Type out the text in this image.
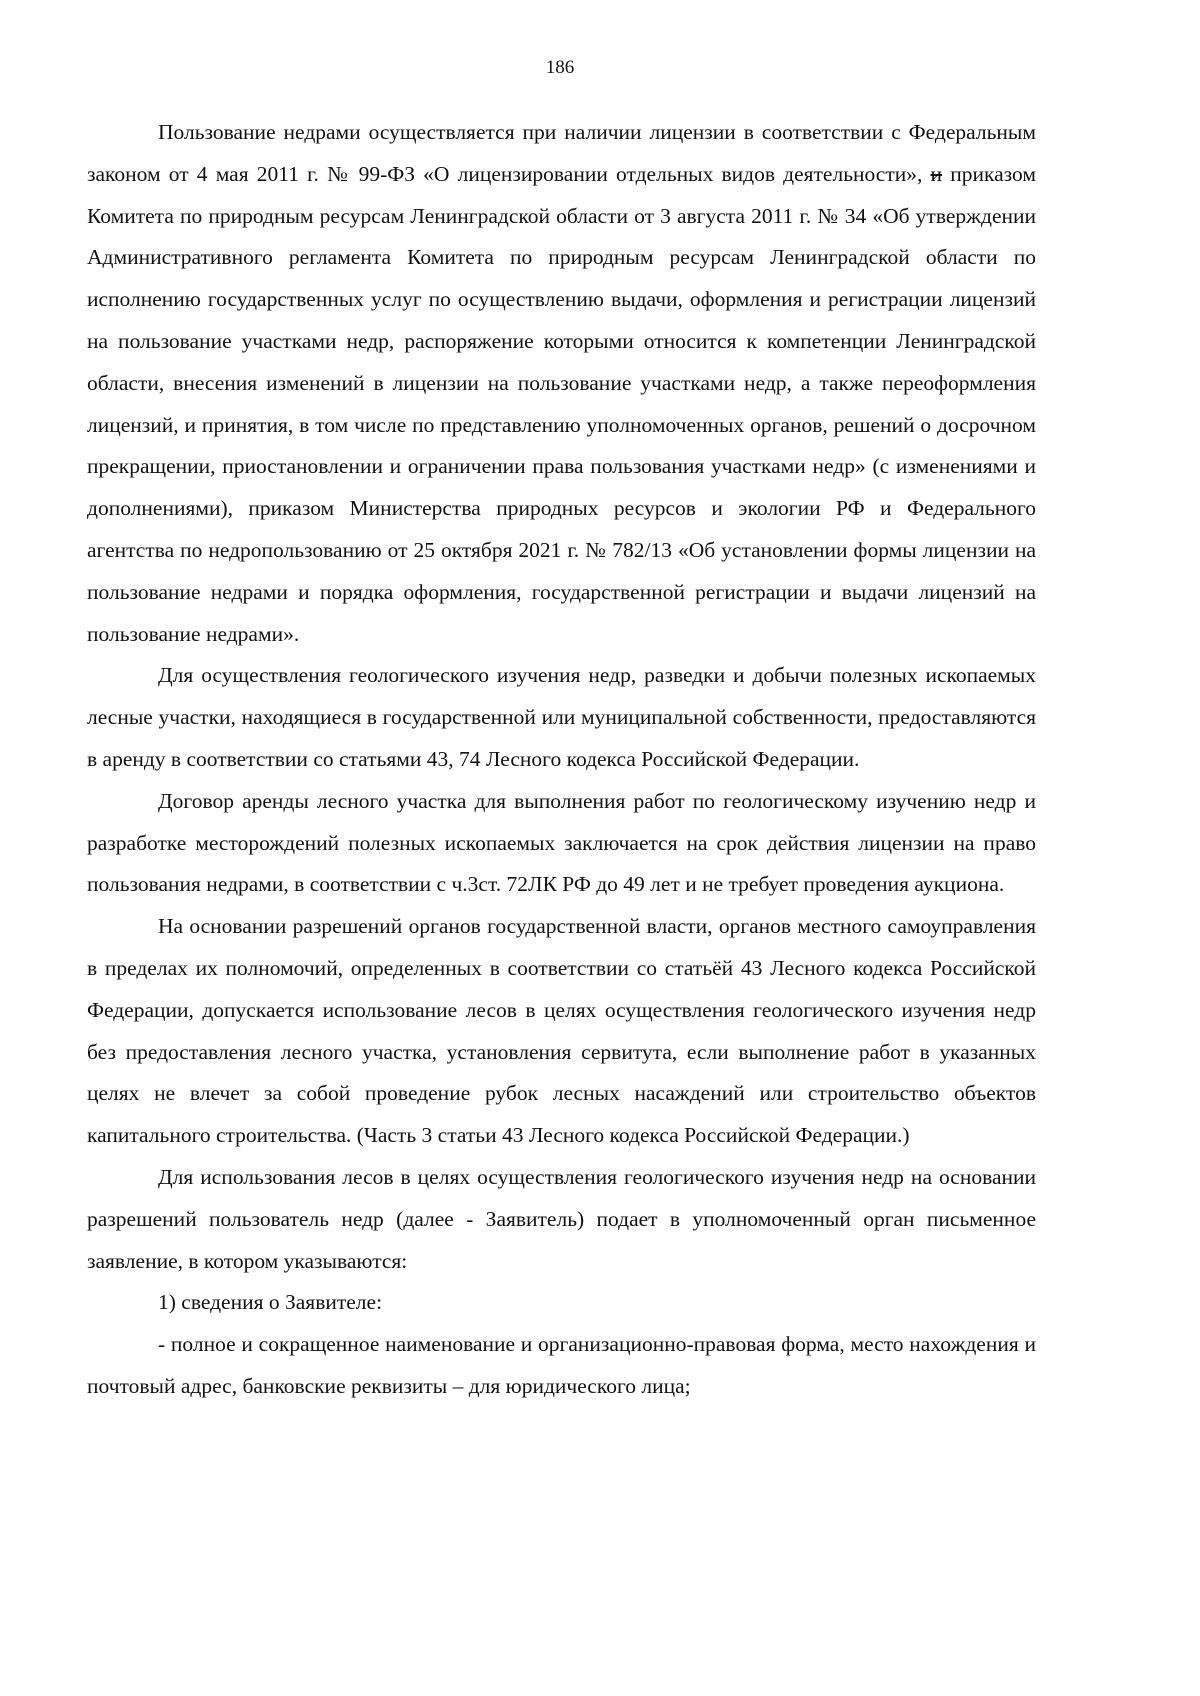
186

Пользование недрами осуществляется при наличии лицензии в соответствии с Федеральным законом от 4 мая 2011 г. № 99-ФЗ «О лицензировании отдельных видов деятельности», и приказом Комитета по природным ресурсам Ленинградской области от 3 августа 2011 г. № 34 «Об утверждении Административного регламента Комитета по природным ресурсам Ленинградской области по исполнению государственных услуг по осуществлению выдачи, оформления и регистрации лицензий на пользование участками недр, распоряжение которыми относится к компетенции Ленинградской области, внесения изменений в лицензии на пользование участками недр, а также переоформления лицензий, и принятия, в том числе по представлению уполномоченных органов, решений о досрочном прекращении, приостановлении и ограничении права пользования участками недр» (с изменениями и дополнениями), приказом Министерства природных ресурсов и экологии РФ и Федерального агентства по недропользованию от 25 октября 2021 г. № 782/13 «Об установлении формы лицензии на пользование недрами и порядка оформления, государственной регистрации и выдачи лицензий на пользование недрами».

Для осуществления геологического изучения недр, разведки и добычи полезных ископаемых лесные участки, находящиеся в государственной или муниципальной собственности, предоставляются в аренду в соответствии со статьями 43, 74 Лесного кодекса Российской Федерации.

Договор аренды лесного участка для выполнения работ по геологическому изучению недр и разработке месторождений полезных ископаемых заключается на срок действия лицензии на право пользования недрами, в соответствии с ч.3ст. 72ЛК РФ до 49 лет и не требует проведения аукциона.

На основании разрешений органов государственной власти, органов местного самоуправления в пределах их полномочий, определенных в соответствии со статьёй 43 Лесного кодекса Российской Федерации, допускается использование лесов в целях осуществления геологического изучения недр без предоставления лесного участка, установления сервитута, если выполнение работ в указанных целях не влечет за собой проведение рубок лесных насаждений или строительство объектов капитального строительства. (Часть 3 статьи 43 Лесного кодекса Российской Федерации.)

Для использования лесов в целях осуществления геологического изучения недр на основании разрешений пользователь недр (далее - Заявитель) подает в уполномоченный орган письменное заявление, в котором указываются:

1) сведения о Заявителе:

- полное и сокращенное наименование и организационно-правовая форма, место нахождения и почтовый адрес, банковские реквизиты – для юридического лица;
